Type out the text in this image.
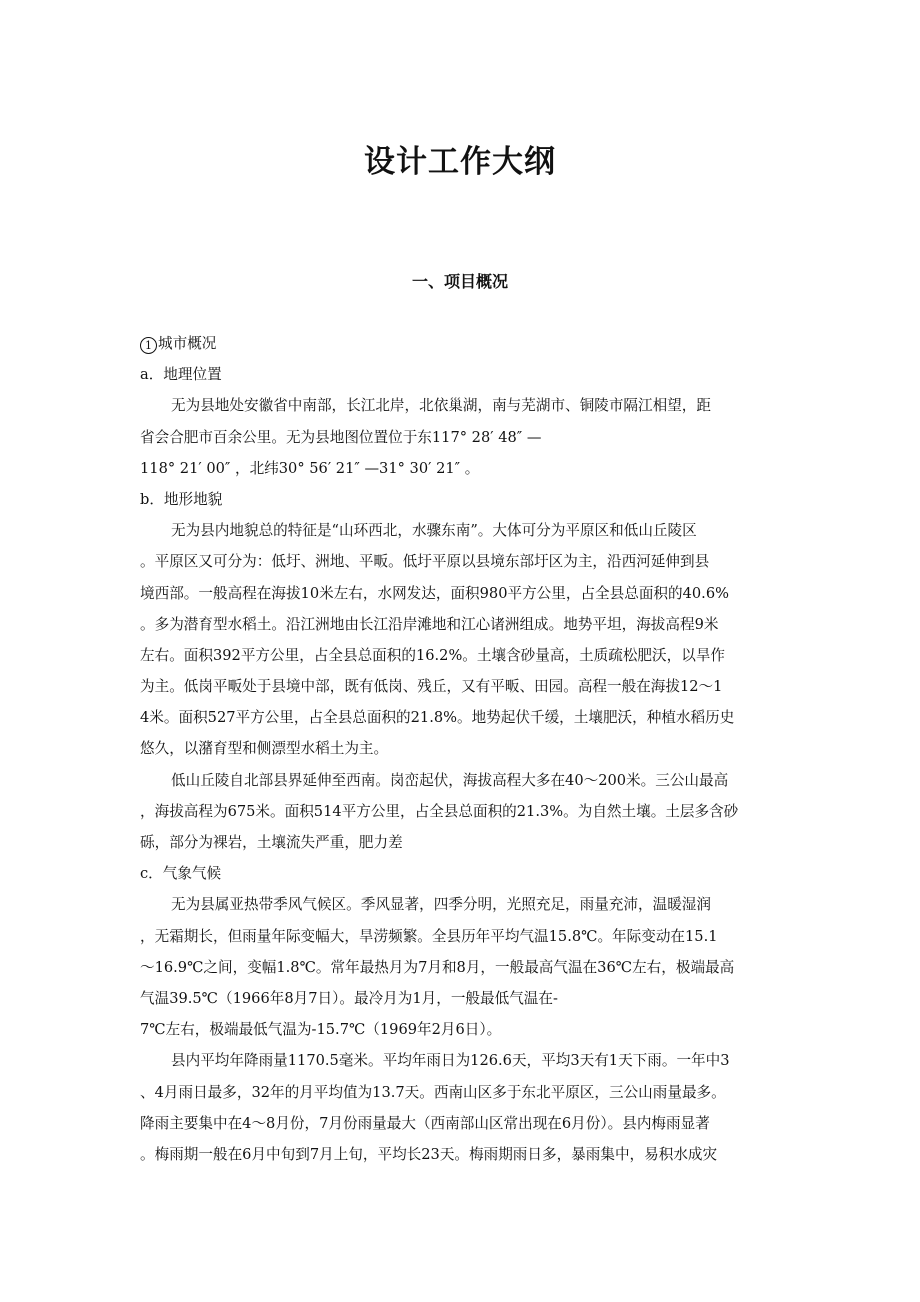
设计工作大纲
一、项目概况
1 城市概况
a．地理位置
无为县地处安徽省中南部，长江北岸，北依巢湖，南与芜湖市、铜陵市隔江相望，距
省会合肥市百余公里。无为县地图位置位于东117° 28′ 48″ —
118° 21′ 00″ ，北纬30° 56′ 21″ —31° 30′ 21″ 。
b．地形地貌
无为县内地貌总的特征是“山环西北，水骤东南”。大体可分为平原区和低山丘陵区
。平原区又可分为：低圩、洲地、平畈。低圩平原以县境东部圩区为主，沿西河延伸到县
境西部。一般高程在海拔10米左右，水网发达，面积980平方公里，占全县总面积的40.6%
。多为潜育型水稻土。沿江洲地由长江沿岸滩地和江心诸洲组成。地势平坦，海拔高程9米
左右。面积392平方公里，占全县总面积的16.2%。土壤含砂量高，土质疏松肥沃，以旱作
为主。低岗平畈处于县境中部，既有低岗、残丘，又有平畈、田园。高程一般在海拔12～1
4米。面积527平方公里，占全县总面积的21.8%。地势起伏千缓，土壤肥沃，种植水稻历史
悠久，以潴育型和侧漂型水稻土为主。
低山丘陵自北部县界延伸至西南。岗峦起伏，海拔高程大多在40～200米。三公山最高
，海拔高程为675米。面积514平方公里，占全县总面积的21.3%。为自然土壤。土层多含砂
砾，部分为裸岩，土壤流失严重，肥力差
c．气象气候
无为县属亚热带季风气候区。季风显著，四季分明，光照充足，雨量充沛，温暖湿润
，无霜期长，但雨量年际变幅大，旱涝频繁。全县历年平均气温15.8℃。年际变动在15.1
～16.9℃之间，变幅1.8℃。常年最热月为7月和8月，一般最高气温在36℃左右，极端最高
气温39.5℃（1966年8月7日）。最冷月为1月，一般最低气温在-
7℃左右，极端最低气温为-15.7℃（1969年2月6日）。
县内平均年降雨量1170.5毫米。平均年雨日为126.6天，平均3天有1天下雨。一年中3
、4月雨日最多，32年的月平均值为13.7天。西南山区多于东北平原区，三公山雨量最多。
降雨主要集中在4～8月份，7月份雨量最大（西南部山区常出现在6月份）。县内梅雨显著
。梅雨期一般在6月中旬到7月上旬，平均长23天。梅雨期雨日多，暴雨集中，易积水成灾
